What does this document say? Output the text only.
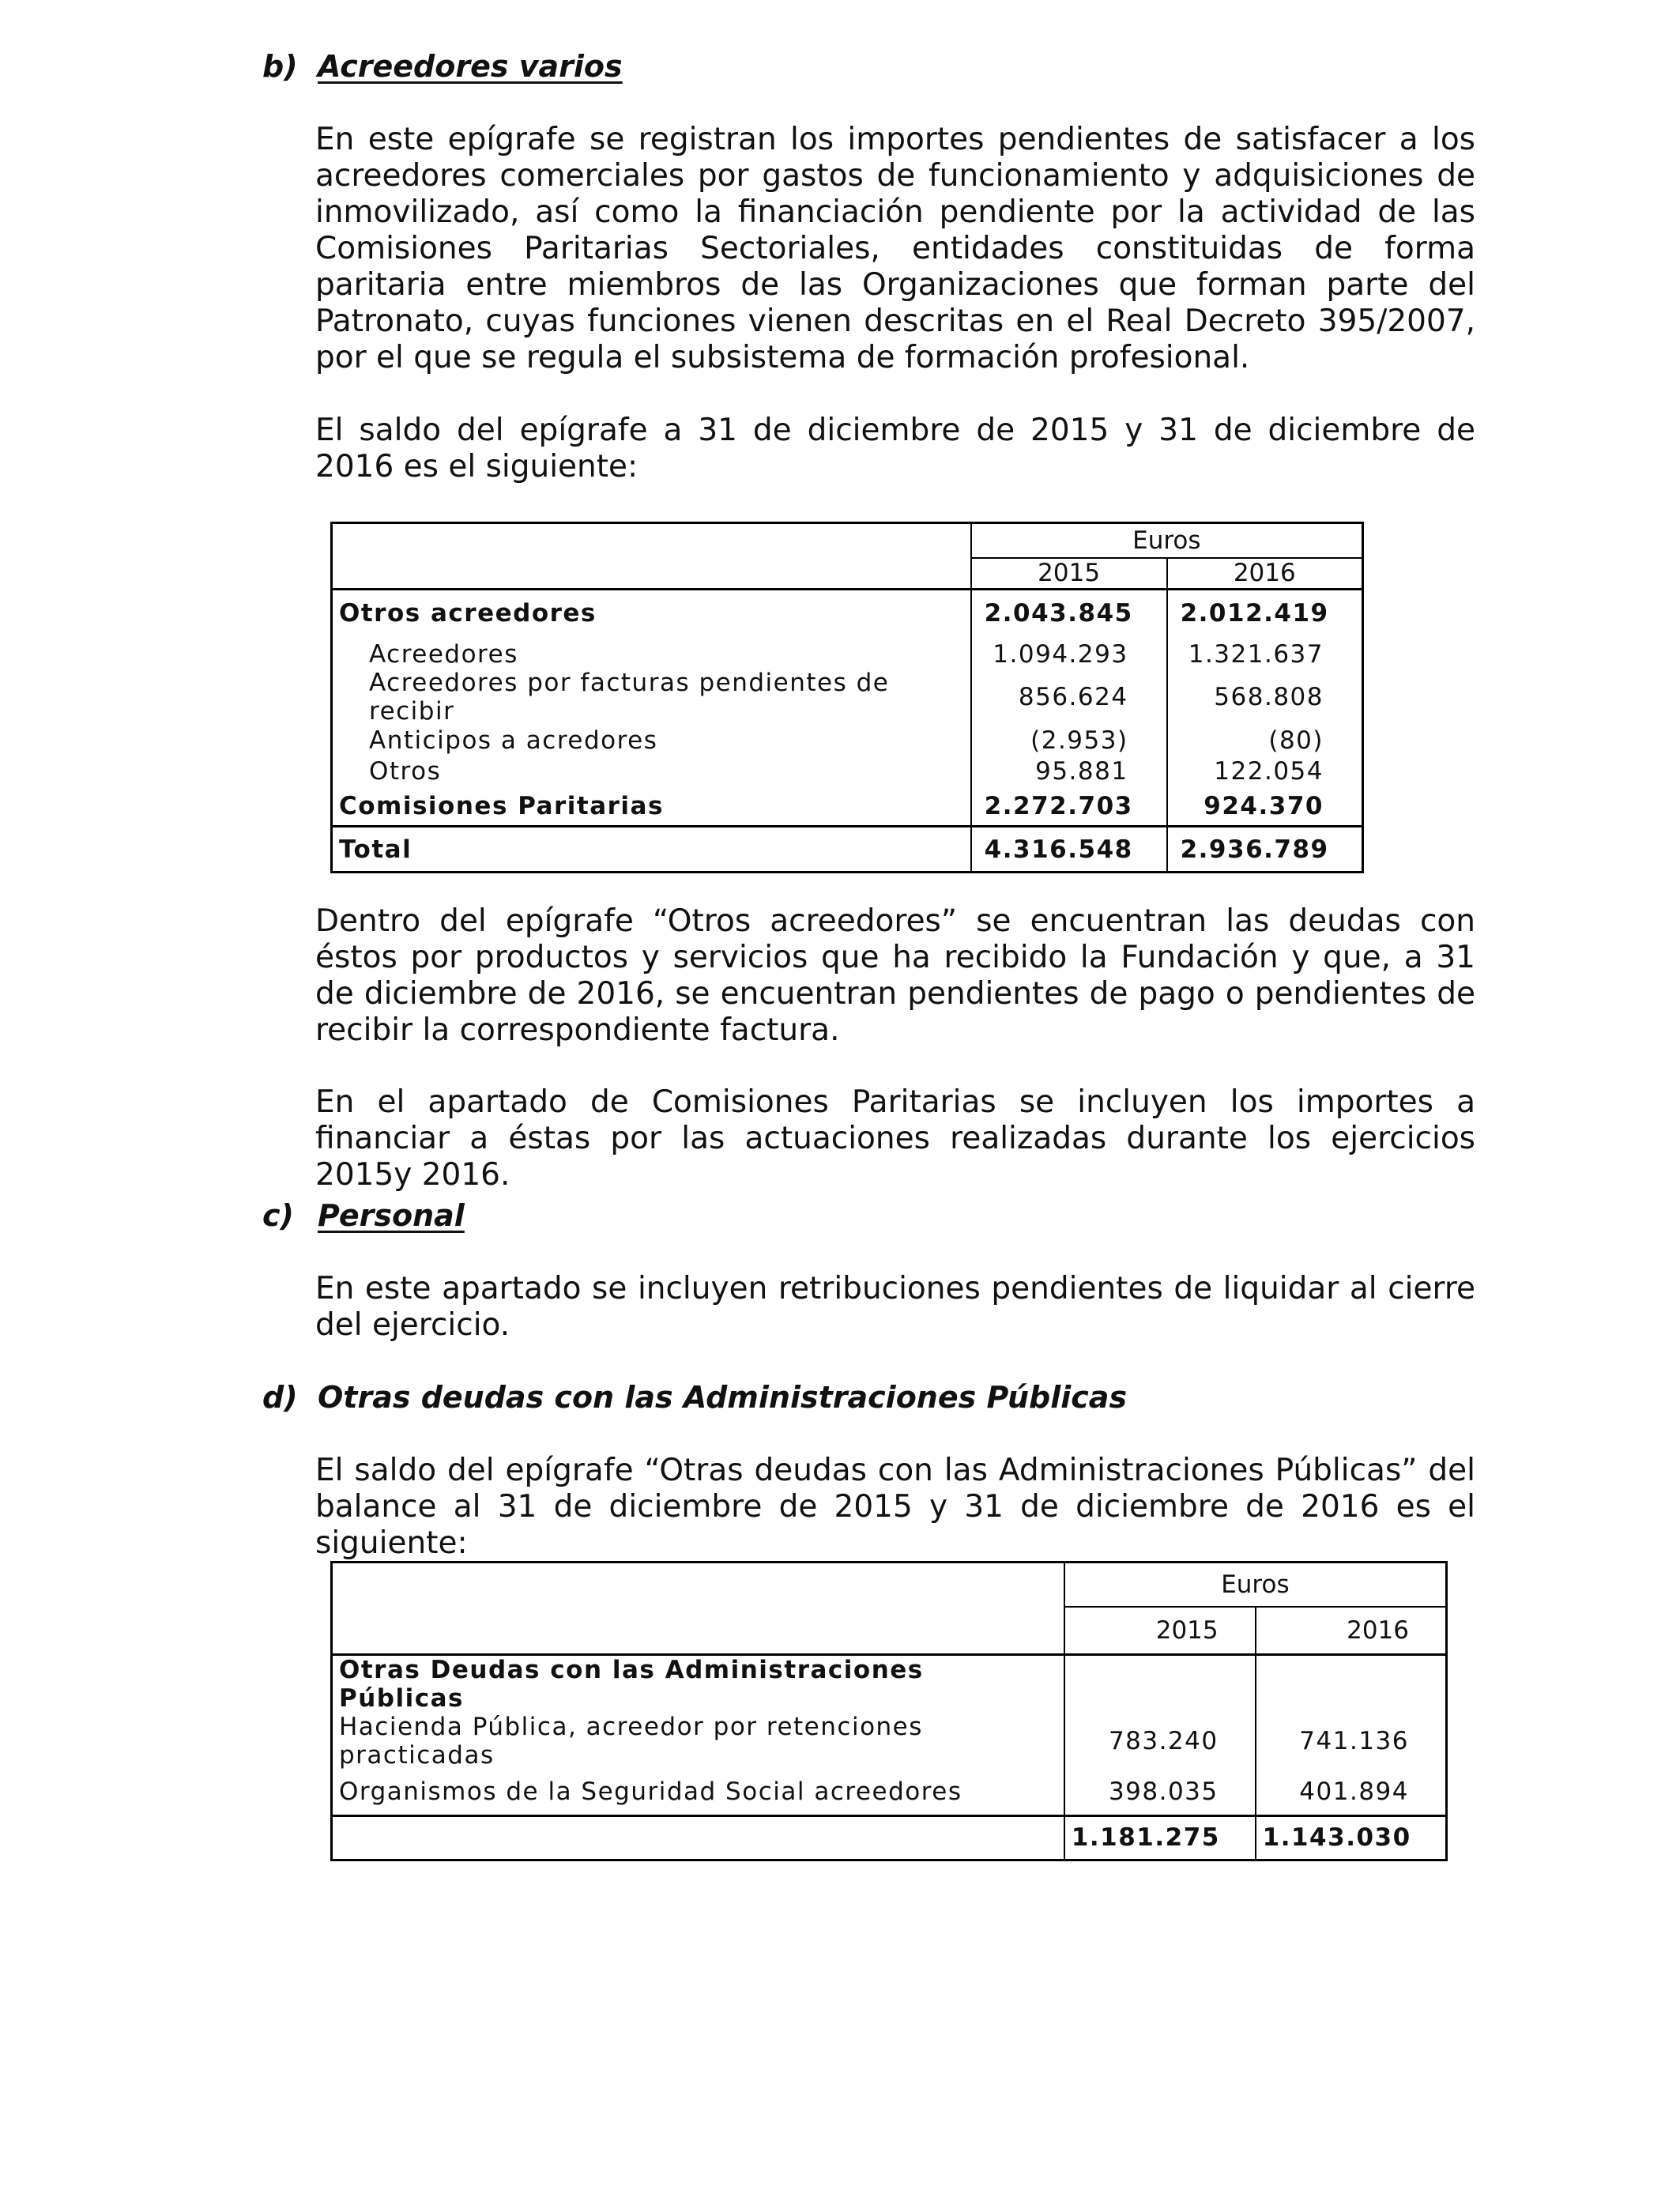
b) Acreedores varios

En este epígrafe se registran los importes pendientes de satisfacer a los acreedores comerciales por gastos de funcionamiento y adquisiciones de inmovilizado, así como la financiación pendiente por la actividad de las Comisiones Paritarias Sectoriales, entidades constituidas de forma paritaria entre miembros de las Organizaciones que forman parte del Patronato, cuyas funciones vienen descritas en el Real Decreto 395/2007, por el que se regula el subsistema de formación profesional.

El saldo del epígrafe a 31 de diciembre de 2015 y 31 de diciembre de 2016 es el siguiente:

	Euros	
	2015	2016
Otros acreedores	2.043.845	2.012.419
Acreedores	1.094.293	1.321.637
Acreedores por facturas pendientes de recibir	856.624	568.808
Anticipos a acredores	(2.953)	(80)
Otros	95.881	122.054
Comisiones Paritarias	2.272.703	924.370
Total	4.316.548	2.936.789

Dentro del epígrafe “Otros acreedores” se encuentran las deudas con éstos por productos y servicios que ha recibido la Fundación y que, a 31 de diciembre de 2016, se encuentran pendientes de pago o pendientes de recibir la correspondiente factura.

En el apartado de Comisiones Paritarias se incluyen los importes a financiar a éstas por las actuaciones realizadas durante los ejercicios 2015y 2016.

c) Personal

En este apartado se incluyen retribuciones pendientes de liquidar al cierre del ejercicio.

d) Otras deudas con las Administraciones Públicas

El saldo del epígrafe “Otras deudas con las Administraciones Públicas” del balance al 31 de diciembre de 2015 y 31 de diciembre de 2016 es el siguiente:

	Euros	
	2015	2016
Otras Deudas con las Administraciones Públicas		
Hacienda Pública, acreedor por retenciones practicadas	783.240	741.136
Organismos de la Seguridad Social acreedores	398.035	401.894
	1.181.275	1.143.030
